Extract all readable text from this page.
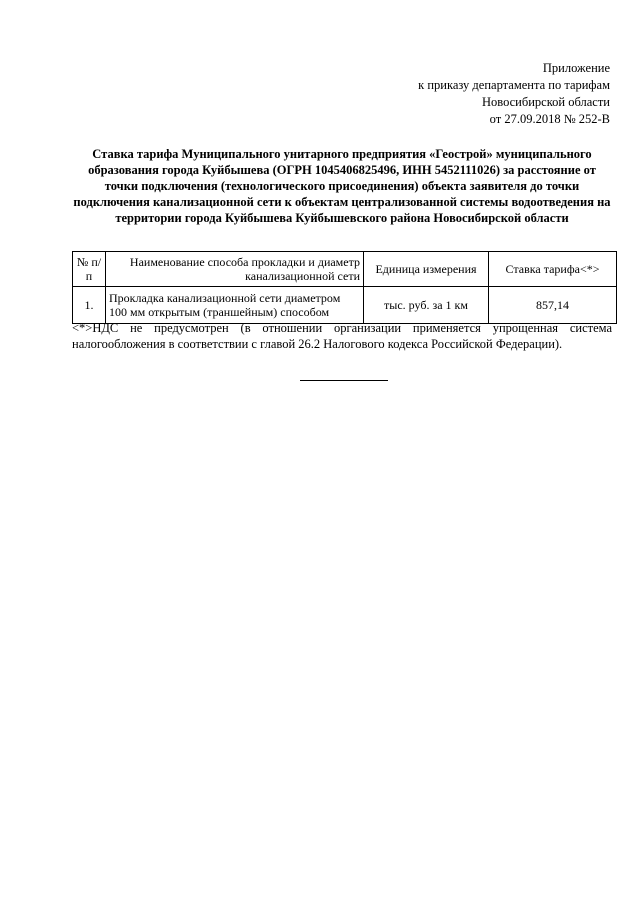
Приложение
к приказу департамента по тарифам
Новосибирской области
от 27.09.2018 № 252-В
Ставка тарифа Муниципального унитарного предприятия «Геострой» муниципального образования города Куйбышева (ОГРН 1045406825496, ИНН 5452111026) за расстояние от точки подключения (технологического присоединения) объекта заявителя до точки подключения канализационной сети к объектам централизованной системы водоотведения на территории города Куйбышева Куйбышевского района Новосибирской области
№ п/п	Наименование способа прокладки и диаметр канализационной сети	Единица измерения	Ставка тарифа<*>
1.	Прокладка канализационной сети диаметром 100 мм открытым (траншейным) способом	тыс. руб. за 1 км	857,14
<*>НДС не предусмотрен (в отношении организации применяется упрощенная система налогообложения в соответствии с главой 26.2 Налогового кодекса Российской Федерации).
